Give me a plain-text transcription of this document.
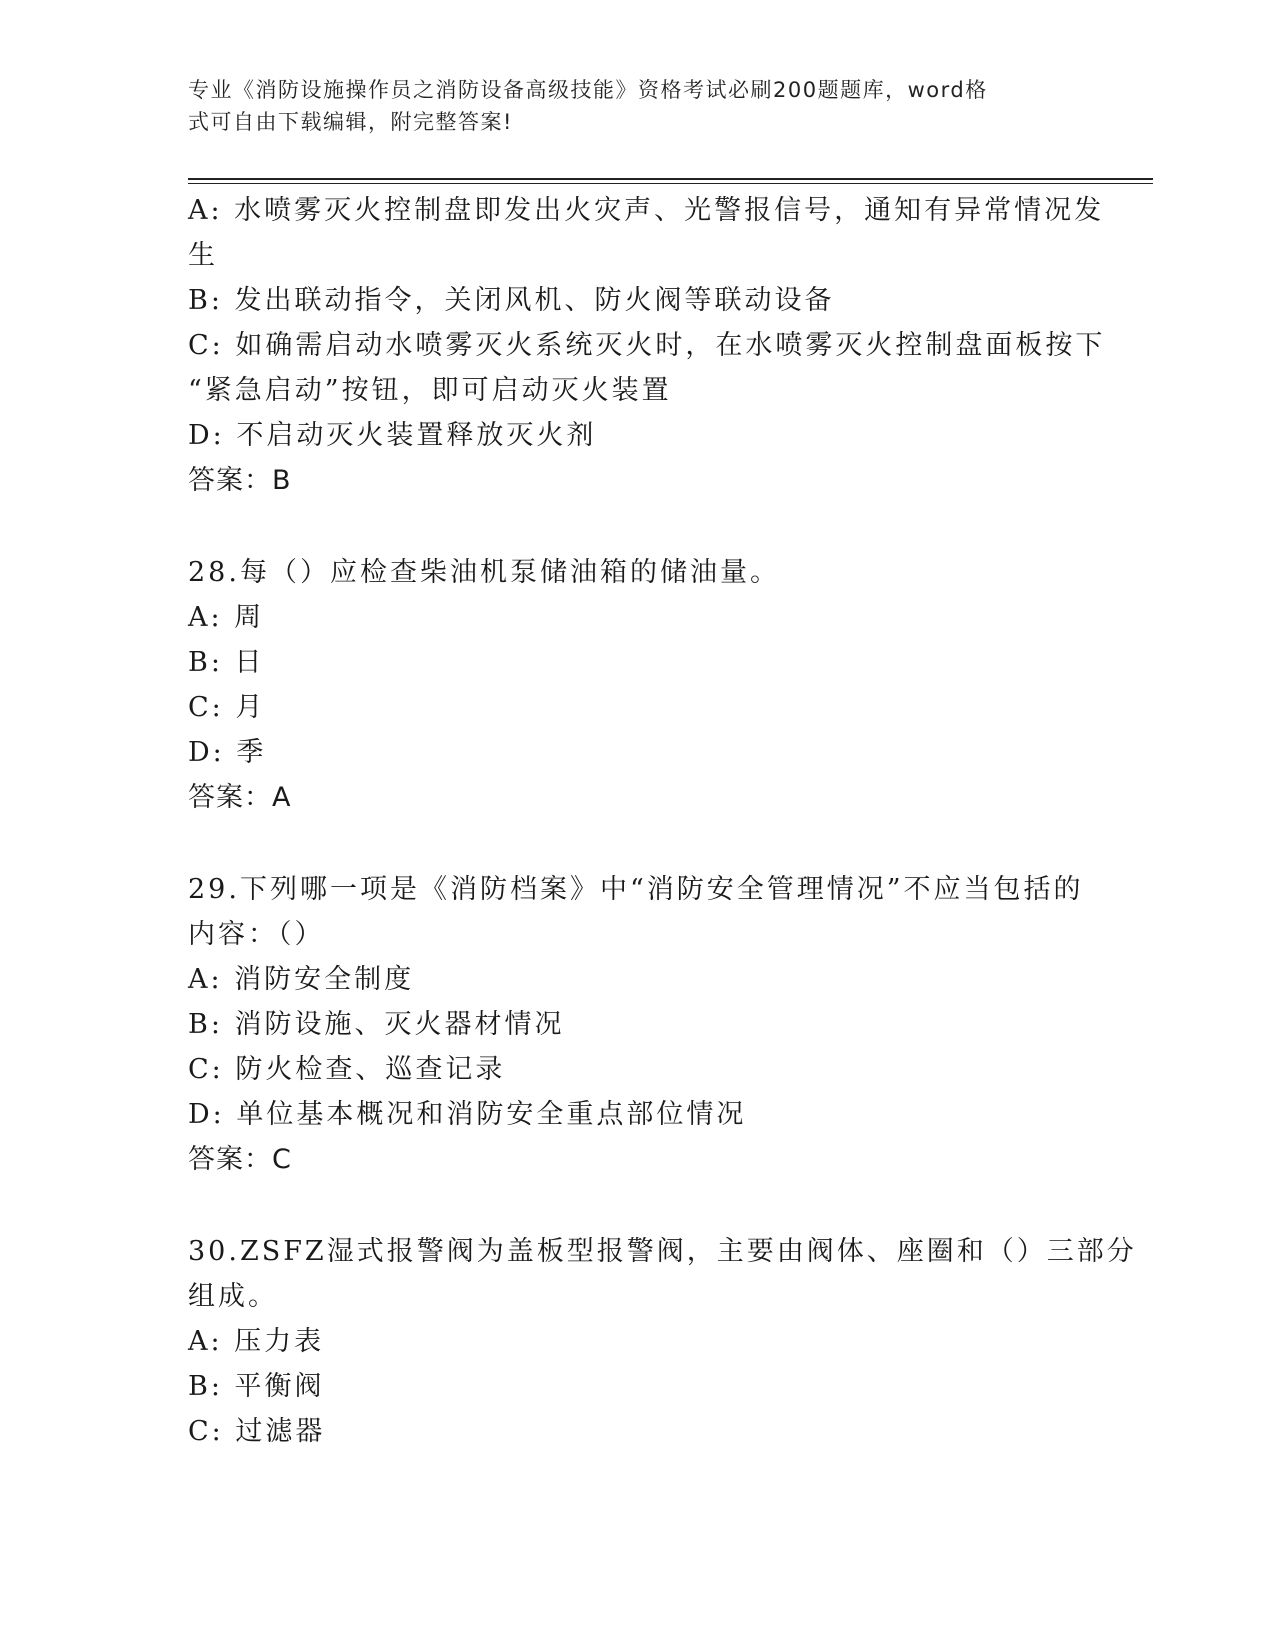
专业《消防设施操作员之消防设备高级技能》资格考试必刷200题题库，word格
式可自由下载编辑，附完整答案!
A: 水喷雾灭火控制盘即发出火灾声、光警报信号，通知有异常情况发
生
B: 发出联动指令，关闭风机、防火阀等联动设备
C: 如确需启动水喷雾灭火系统灭火时，在水喷雾灭火控制盘面板按下
“紧急启动”按钮，即可启动灭火装置
D: 不启动灭火装置释放灭火剂
答案：B
28.每（）应检查柴油机泵储油箱的储油量。
A: 周
B: 日
C: 月
D: 季
答案：A
29.下列哪一项是《消防档案》中“消防安全管理情况”不应当包括的
内容：（）
A: 消防安全制度
B: 消防设施、灭火器材情况
C: 防火检查、巡查记录
D: 单位基本概况和消防安全重点部位情况
答案：C
30.ZSFZ湿式报警阀为盖板型报警阀，主要由阀体、座圈和（）三部分
组成。
A: 压力表
B: 平衡阀
C: 过滤器
